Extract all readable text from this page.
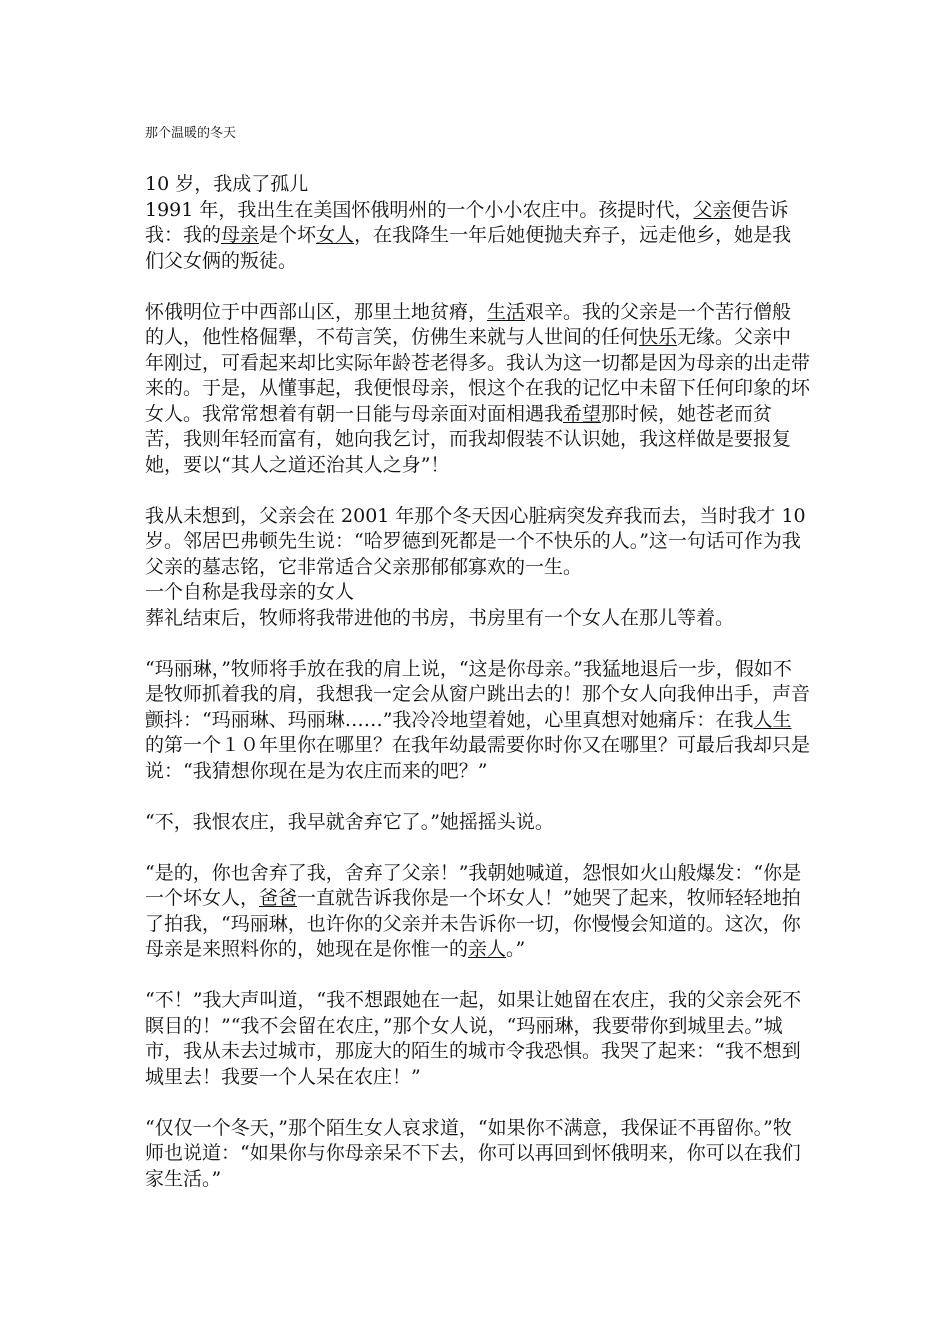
那个温暖的冬天
10 岁，我成了孤儿

1991 年，我出生在美国怀俄明州的一个小小农庄中。孩提时代，父亲便告诉我：我的母亲是个坏女人，在我降生一年后她便抛夫弃子，远走他乡，她是我们父女俩的叛徒。

怀俄明位于中西部山区，那里土地贫瘠，生活艰辛。我的父亲是一个苦行僧般的人，他性格倔犟，不苟言笑，仿佛生来就与人世间的任何快乐无缘。父亲中年刚过，可看起来却比实际年龄苍老得多。我认为这一切都是因为母亲的出走带来的。于是，从懂事起，我便恨母亲，恨这个在我的记忆中未留下任何印象的坏女人。我常常想着有朝一日能与母亲面对面相遇我希望那时候，她苍老而贫苦，我则年轻而富有，她向我乞讨，而我却假装不认识她，我这样做是要报复她，要以“其人之道还治其人之身”！

我从未想到，父亲会在 2001 年那个冬天因心脏病突发弃我而去，当时我才 10 岁。邻居巴弗顿先生说：“哈罗德到死都是一个不快乐的人。”这一句话可作为我父亲的墓志铭，它非常适合父亲那郁郁寡欢的一生。

一个自称是我母亲的女人

葬礼结束后，牧师将我带进他的书房，书房里有一个女人在那儿等着。

“玛丽琳，”牧师将手放在我的肩上说，“这是你母亲。”我猛地退后一步，假如不是牧师抓着我的肩，我想我一定会从窗户跳出去的！那个女人向我伸出手，声音颤抖：“玛丽琳、玛丽琳……”我冷冷地望着她，心里真想对她痛斥：在我人生的第一个１０年里你在哪里？在我年幼最需要你时你又在哪里？可最后我却只是说：“我猜想你现在是为农庄而来的吧？”

“不，我恨农庄，我早就舍弃它了。”她摇摇头说。

“是的，你也舍弃了我，舍弃了父亲！”我朝她喊道，怨恨如火山般爆发：“你是一个坏女人，爸爸一直就告诉我你是一个坏女人！”她哭了起来，牧师轻轻地拍了拍我，“玛丽琳，也许你的父亲并未告诉你一切，你慢慢会知道的。这次，你母亲是来照料你的，她现在是你惟一的亲人。”

“不！”我大声叫道，“我不想跟她在一起，如果让她留在农庄，我的父亲会死不瞑目的！”“我不会留在农庄，”那个女人说，“玛丽琳，我要带你到城里去。”城市，我从未去过城市，那庞大的陌生的城市令我恐惧。我哭了起来：“我不想到城里去！我要一个人呆在农庄！”

“仅仅一个冬天，”那个陌生女人哀求道，“如果你不满意，我保证不再留你。”牧师也说道：“如果你与你母亲呆不下去，你可以再回到怀俄明来，你可以在我们家生活。”
